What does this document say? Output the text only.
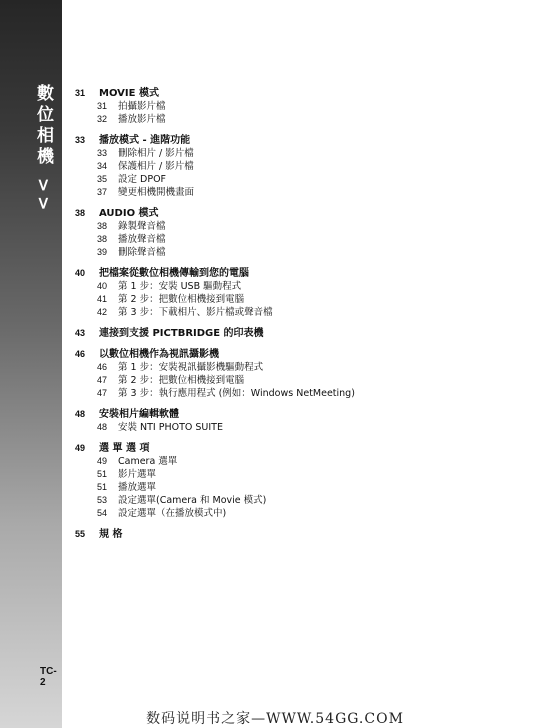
數位相機 >>
TC-2
31	MOVIE 模式
31	拍攝影片檔
32	播放影片檔
33	播放模式 - 進階功能
33	刪除相片 / 影片檔
34	保護相片 / 影片檔
35	設定 DPOF
37	變更相機開機畫面
38	AUDIO 模式
38	錄製聲音檔
38	播放聲音檔
39	刪除聲音檔
40	把檔案從數位相機傳輸到您的電腦
40	第 1 步：安裝 USB 驅動程式
41	第 2 步：把數位相機接到電腦
42	第 3 步：下載相片、影片檔或聲音檔
43	連接到支援 PICTBRIDGE 的印表機
46	以數位相機作為視訊攝影機
46	第 1 步：安裝視訊攝影機驅動程式
47	第 2 步：把數位相機接到電腦
47	第 3 步：執行應用程式 (例如：Windows NetMeeting)
48	安裝相片編輯軟體
48	安裝 NTI PHOTO SUITE
49	選 單 選 項
49	Camera 選單
51	影片選單
51	播放選單
53	設定選單(Camera 和 Movie 模式)
54	設定選單（在播放模式中)
55	規 格
数码说明书之家—WWW.54GG.COM
